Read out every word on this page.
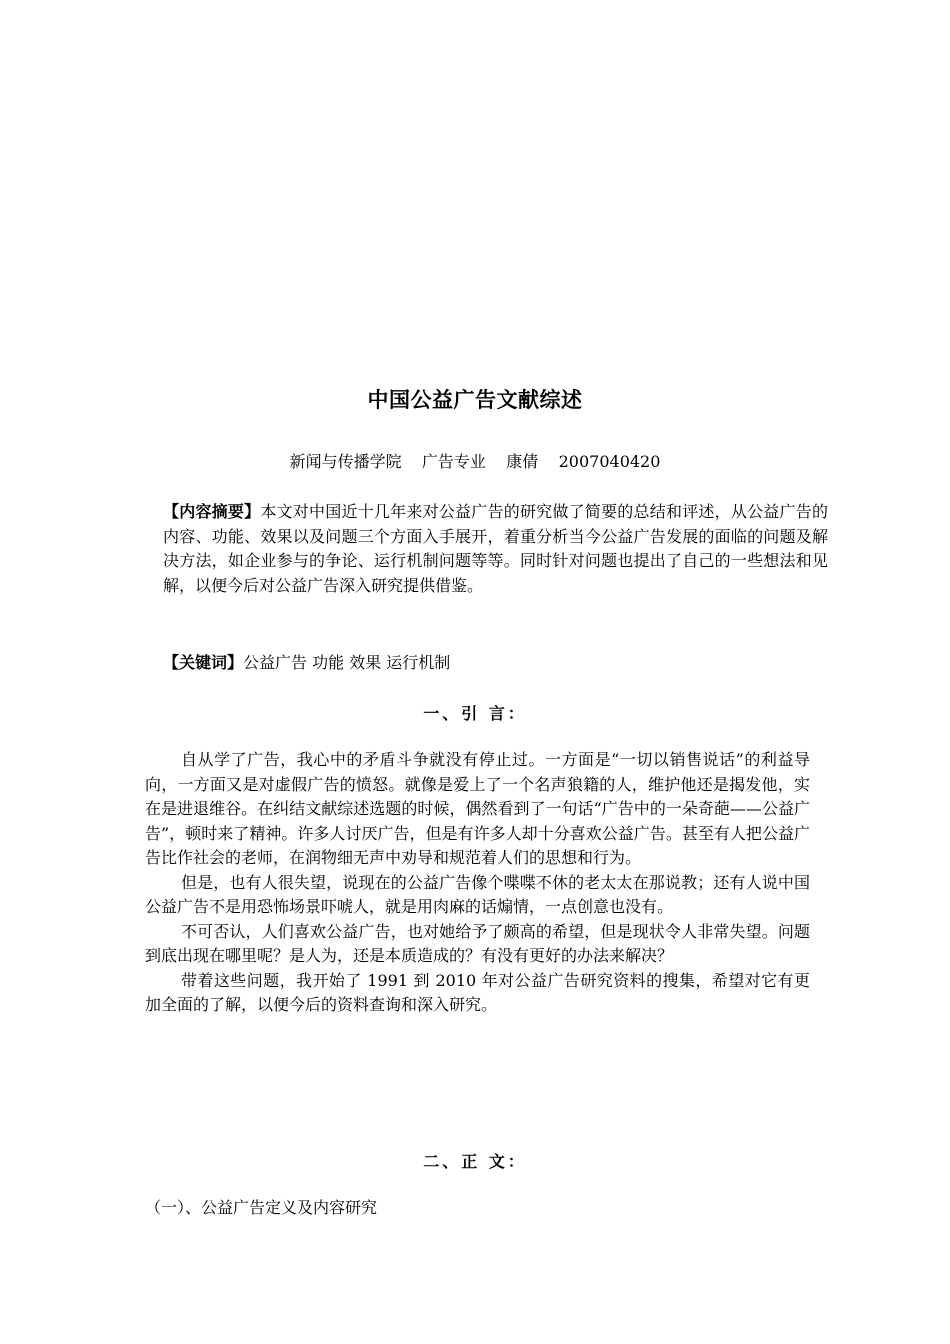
中国公益广告文献综述
新闻与传播学院    广告专业    康倩    2007040420
【内容摘要】本文对中国近十几年来对公益广告的研究做了简要的总结和评述，从公益广告的内容、功能、效果以及问题三个方面入手展开，着重分析当今公益广告发展的面临的问题及解决方法，如企业参与的争论、运行机制问题等等。同时针对问题也提出了自己的一些想法和见解，以便今后对公益广告深入研究提供借鉴。
【关键词】公益广告 功能 效果 运行机制
一、引 言：

自从学了广告，我心中的矛盾斗争就没有停止过。一方面是“一切以销售说话”的利益导向，一方面又是对虚假广告的愤怒。就像是爱上了一个名声狼籍的人，维护他还是揭发他，实在是进退维谷。在纠结文献综述选题的时候，偶然看到了一句话“广告中的一朵奇葩——公益广告”，顿时来了精神。许多人讨厌广告，但是有许多人却十分喜欢公益广告。甚至有人把公益广告比作社会的老师，在润物细无声中劝导和规范着人们的思想和行为。

但是，也有人很失望，说现在的公益广告像个喋喋不休的老太太在那说教；还有人说中国公益广告不是用恐怖场景吓唬人，就是用肉麻的话煽情，一点创意也没有。

不可否认，人们喜欢公益广告，也对她给予了颇高的希望，但是现状令人非常失望。问题到底出现在哪里呢？是人为，还是本质造成的？有没有更好的办法来解决？

带着这些问题，我开始了 1991 到 2010 年对公益广告研究资料的搜集，希望对它有更加全面的了解，以便今后的资料查询和深入研究。

二、正 文：
（一）、公益广告定义及内容研究
